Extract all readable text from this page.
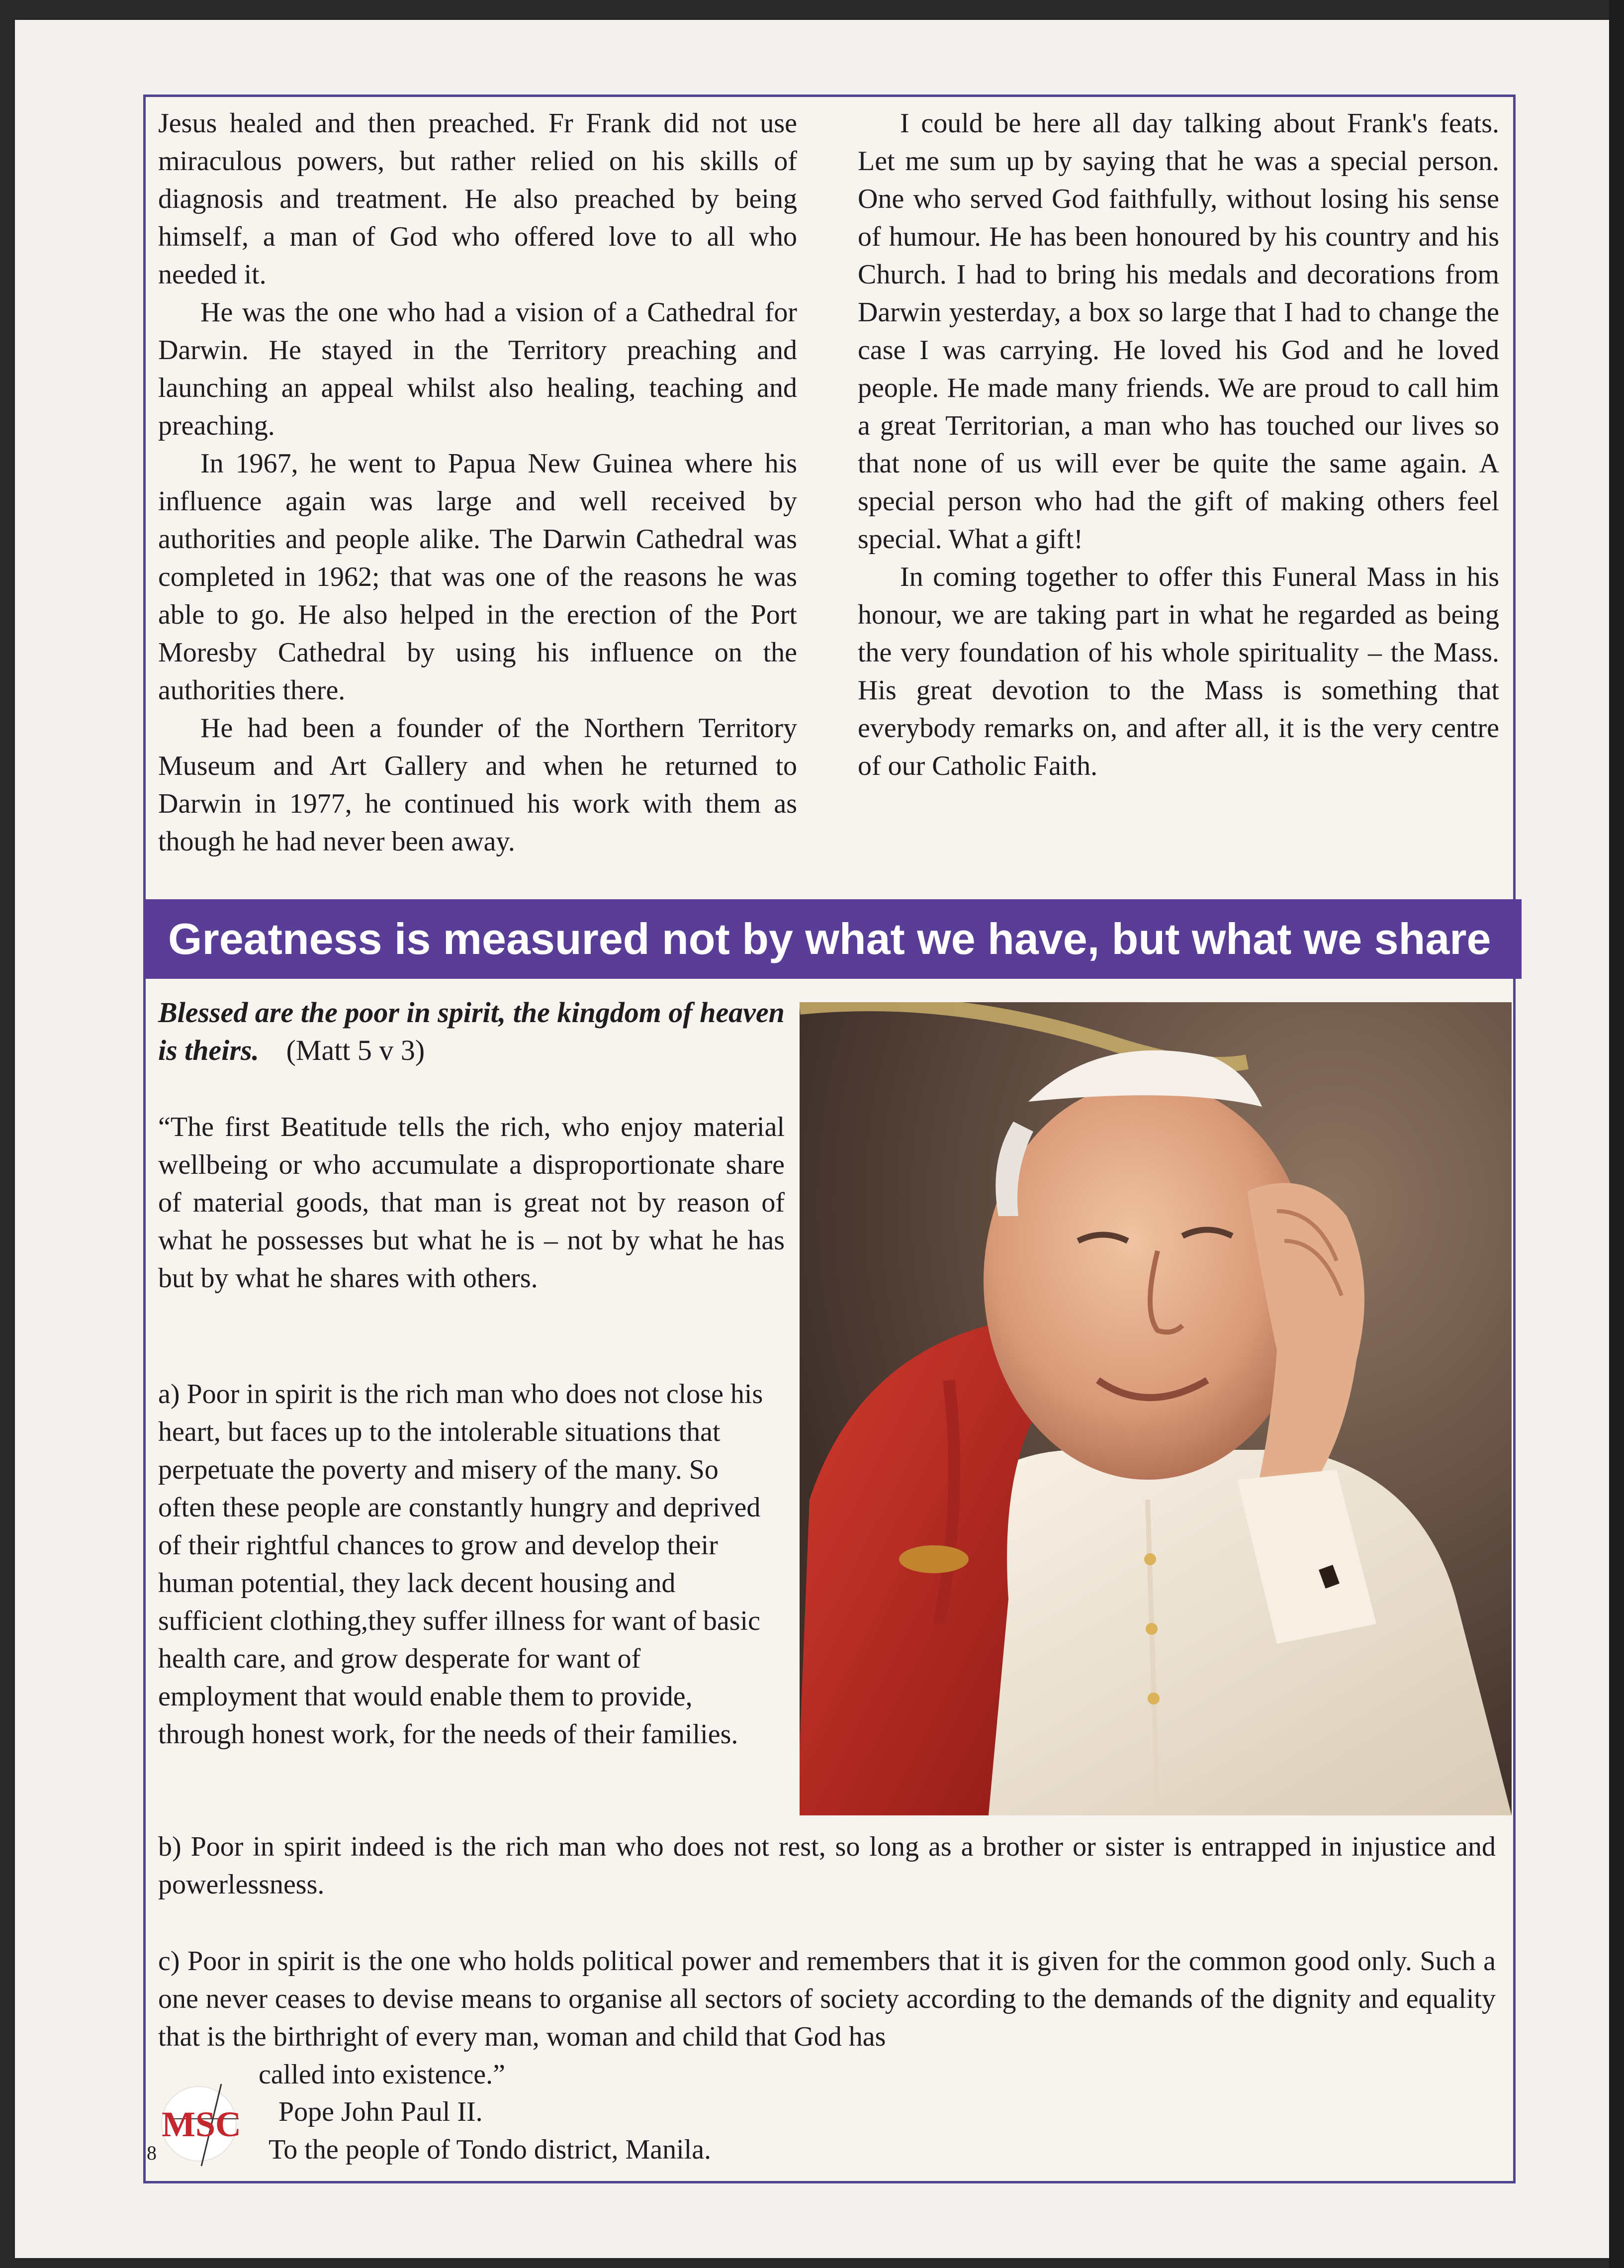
Jesus healed and then preached. Fr Frank did not use miraculous powers, but rather relied on his skills of diagnosis and treatment. He also preached by being himself, a man of God who offered love to all who needed it.

He was the one who had a vision of a Cathedral for Darwin. He stayed in the Territory preaching and launching an appeal whilst also healing, teaching and preaching.

In 1967, he went to Papua New Guinea where his influence again was large and well received by authorities and people alike. The Darwin Cathedral was completed in 1962; that was one of the reasons he was able to go. He also helped in the erection of the Port Moresby Cathedral by using his influence on the authorities there.

He had been a founder of the Northern Territory Museum and Art Gallery and when he returned to Darwin in 1977, he continued his work with them as though he had never been away.

I could be here all day talking about Frank's feats. Let me sum up by saying that he was a special person. One who served God faithfully, without losing his sense of humour. He has been honoured by his country and his Church. I had to bring his medals and decorations from Darwin yesterday, a box so large that I had to change the case I was carrying. He loved his God and he loved people. He made many friends. We are proud to call him a great Territorian, a man who has touched our lives so that none of us will ever be quite the same again. A special person who had the gift of making others feel special. What a gift!

In coming together to offer this Funeral Mass in his honour, we are taking part in what he regarded as being the very foundation of his whole spirituality – the Mass. His great devotion to the Mass is something that everybody remarks on, and after all, it is the very centre of our Catholic Faith.

Greatness is measured not by what we have, but what we share
Blessed are the poor in spirit, the kingdom of heaven is theirs. (Matt 5 v 3)
“The first Beatitude tells the rich, who enjoy material wellbeing or who accumulate a disproportionate share of material goods, that man is great not by reason of what he possesses but what he is – not by what he has but by what he shares with others.
a) Poor in spirit is the rich man who does not close his heart, but faces up to the intolerable situations that perpetuate the poverty and misery of the many. So often these people are constantly hungry and deprived of their rightful chances to grow and develop their human potential, they lack decent housing and sufficient clothing,they suffer illness for want of basic health care, and grow desperate for want of employment that would enable them to provide, through honest work, for the needs of their families.
b) Poor in spirit indeed is the rich man who does not rest, so long as a brother or sister is entrapped in injustice and powerlessness.
c) Poor in spirit is the one who holds political power and remembers that it is given for the common good only. Such a one never ceases to devise means to organise all sectors of society according to the demands of the dignity and equality that is the birthright of every man, woman and child that God has
called into existence.”
MSC Pope John Paul II.
To the people of Tondo district, Manila.
8
